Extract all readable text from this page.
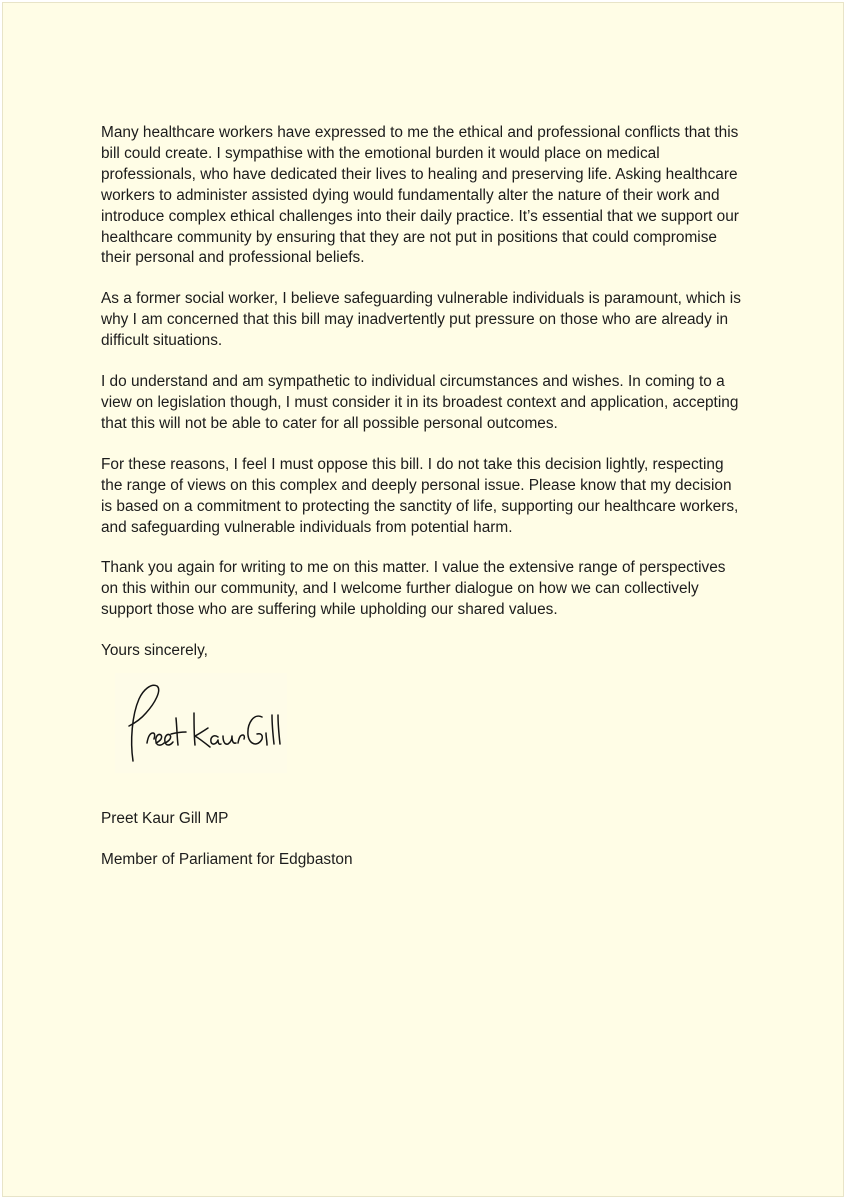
Many healthcare workers have expressed to me the ethical and professional conflicts that this bill could create. I sympathise with the emotional burden it would place on medical professionals, who have dedicated their lives to healing and preserving life. Asking healthcare workers to administer assisted dying would fundamentally alter the nature of their work and introduce complex ethical challenges into their daily practice. It’s essential that we support our healthcare community by ensuring that they are not put in positions that could compromise their personal and professional beliefs.

As a former social worker, I believe safeguarding vulnerable individuals is paramount, which is why I am concerned that this bill may inadvertently put pressure on those who are already in difficult situations.

I do understand and am sympathetic to individual circumstances and wishes. In coming to a view on legislation though, I must consider it in its broadest context and application, accepting that this will not be able to cater for all possible personal outcomes.

For these reasons, I feel I must oppose this bill. I do not take this decision lightly, respecting the range of views on this complex and deeply personal issue. Please know that my decision is based on a commitment to protecting the sanctity of life, supporting our healthcare workers, and safeguarding vulnerable individuals from potential harm.

Thank you again for writing to me on this matter. I value the extensive range of perspectives on this within our community, and I welcome further dialogue on how we can collectively support those who are suffering while upholding our shared values.

Yours sincerely,

Preet Kaur Gill MP

Member of Parliament for Edgbaston
